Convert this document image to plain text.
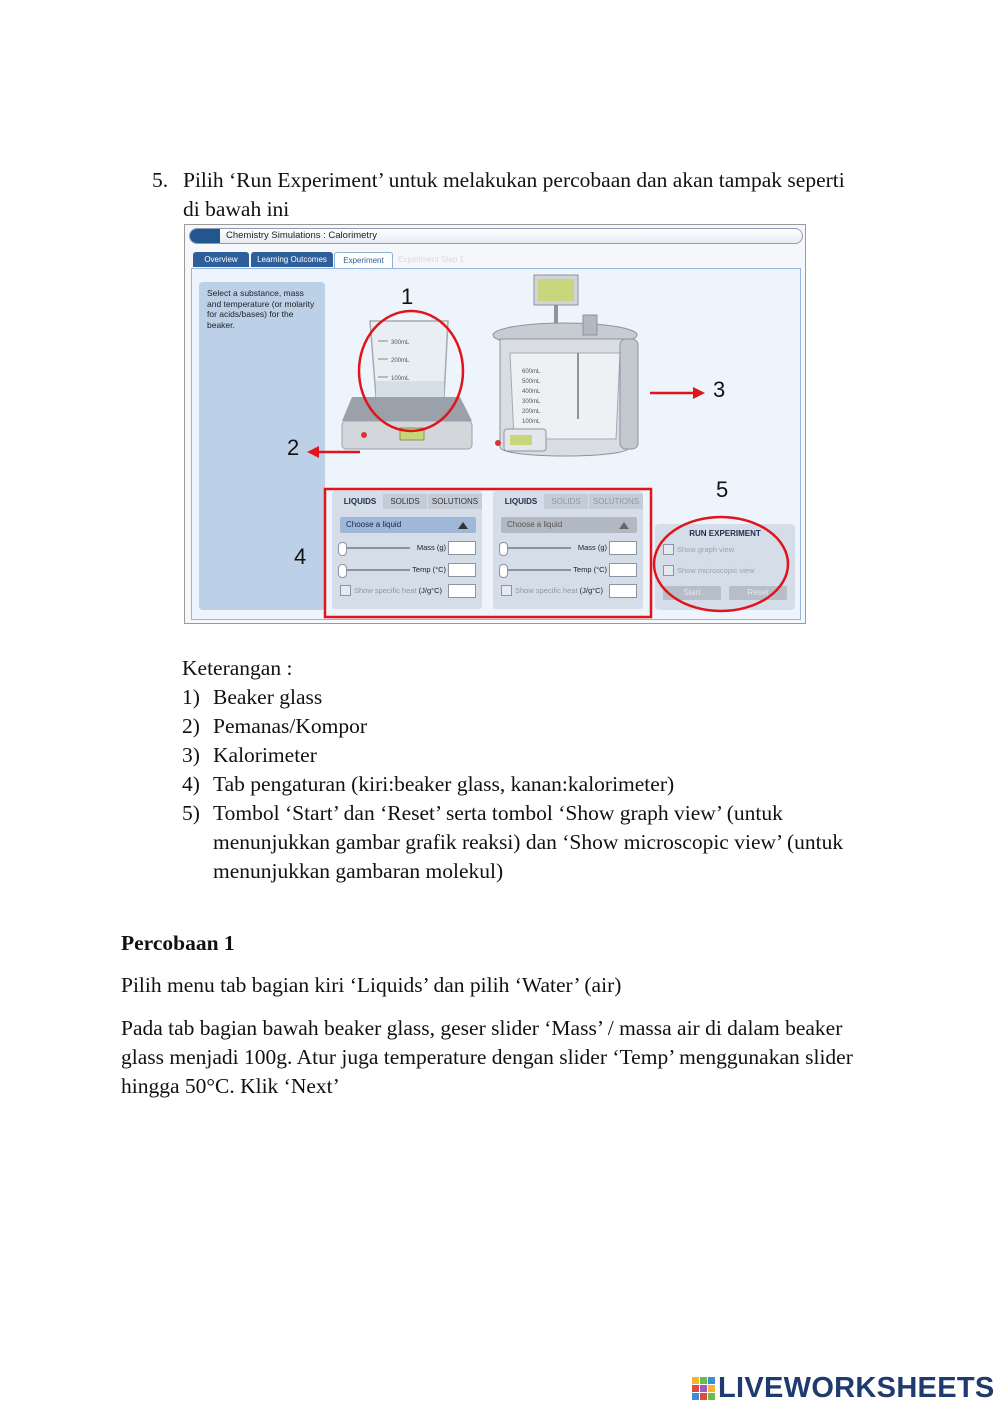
5. Pilih ‘Run Experiment’ untuk melakukan percobaan dan akan tampak seperti di bawah ini
Chemistry Simulations : Calorimetry
Overview	Learning Outcomes	Experiment	Experiment Step 1

Select a substance, mass and temperature (or molarity for acids/bases) for the beaker.

300mL
200mL
100mL
600mL
500mL
400mL
300mL
200mL
100mL
LIQUIDS	SOLIDS	SOLUTIONS
Choose a liquid
Mass (g)
Temp (°C)
Show specific heat (J/g°C)
LIQUIDS	SOLIDS	SOLUTIONS
Choose a liquid
Mass (g)
Temp (°C)
Show specific heat (J/g°C)
RUN EXPERIMENT
Show graph view
Show microscopic view
Start	Reset
1
2
3
4
5
Keterangan :
1) Beaker glass
2) Pemanas/Kompor
3) Kalorimeter
4) Tab pengaturan (kiri:beaker glass, kanan:kalorimeter)
5) Tombol ‘Start’ dan ‘Reset’ serta tombol ‘Show graph view’ (untuk menunjukkan gambar grafik reaksi) dan ‘Show microscopic view’ (untuk menunjukkan gambaran molekul)
Percobaan 1
Pilih menu tab bagian kiri ‘Liquids’ dan pilih ‘Water’ (air)
Pada tab bagian bawah beaker glass, geser slider ‘Mass’ / massa air di dalam beaker glass menjadi 100g. Atur juga temperature dengan slider ‘Temp’ menggunakan slider hingga 50°C. Klik ‘Next’
LIVEWORKSHEETS
